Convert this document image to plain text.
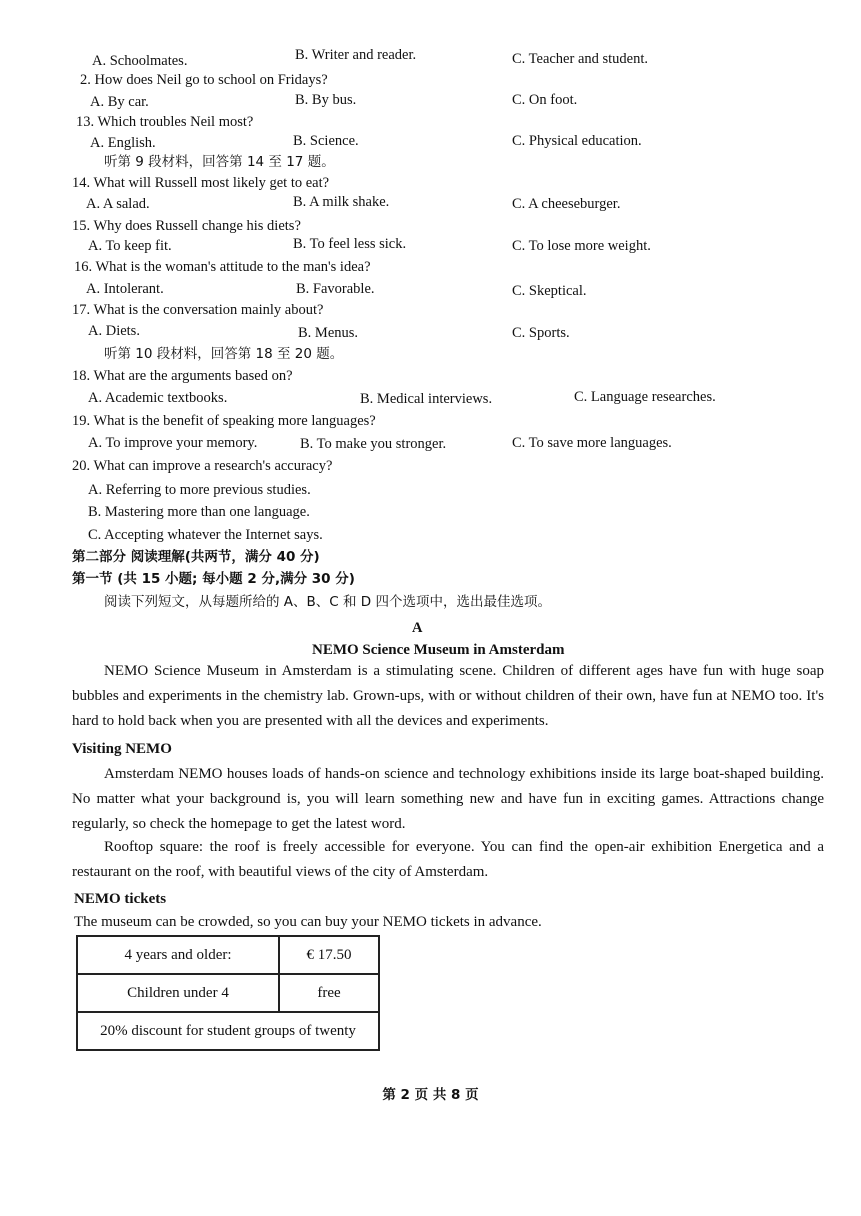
A. Schoolmates.	B. Writer and reader.	C. Teacher and student.
2. How does Neil go to school on Fridays?
A. By car.	B. By bus.	C. On foot.
13. Which troubles Neil most?
A. English.	B. Science.	C. Physical education.
听第 9 段材料，回答第 14 至 17 题。
14. What will Russell most likely get to eat?
A. A salad.	B. A milk shake.	C. A cheeseburger.
15. Why does Russell change his diets?
A. To keep fit.	B. To feel less sick.	C. To lose more weight.
16. What is the woman's attitude to the man's idea?
A. Intolerant.	B. Favorable.	C. Skeptical.
17. What is the conversation mainly about?
A. Diets.	B. Menus.	C. Sports.
听第 10 段材料，回答第 18 至 20 题。
18. What are the arguments based on?
A. Academic textbooks.	B. Medical interviews.	C. Language researches.
19. What is the benefit of speaking more languages?
A. To improve your memory.	B. To make you stronger.	C. To save more languages.
20. What can improve a research's accuracy?
A. Referring to more previous studies.
B. Mastering more than one language.
C. Accepting whatever the Internet says.
第二部分 阅读理解(共两节，满分 40 分)
第一节 (共 15 小题; 每小题 2 分,满分 30 分)
阅读下列短文，从每题所给的 A、B、C 和 D 四个选项中，选出最佳选项。
A
NEMO Science Museum in Amsterdam
NEMO Science Museum in Amsterdam is a stimulating scene. Children of different ages have fun with huge soap bubbles and experiments in the chemistry lab. Grown-ups, with or without children of their own, have fun at NEMO too. It's hard to hold back when you are presented with all the devices and experiments.
Visiting NEMO
Amsterdam NEMO houses loads of hands-on science and technology exhibitions inside its large boat-shaped building. No matter what your background is, you will learn something new and have fun in exciting games. Attractions change regularly, so check the homepage to get the latest word.
Rooftop square: the roof is freely accessible for everyone. You can find the open-air exhibition Energetica and a restaurant on the roof, with beautiful views of the city of Amsterdam.
NEMO tickets
The museum can be crowded, so you can buy your NEMO tickets in advance.
4 years and older:	€ 17.50
Children under 4	free
20% discount for student groups of twenty	
第 2 页 共 8 页
